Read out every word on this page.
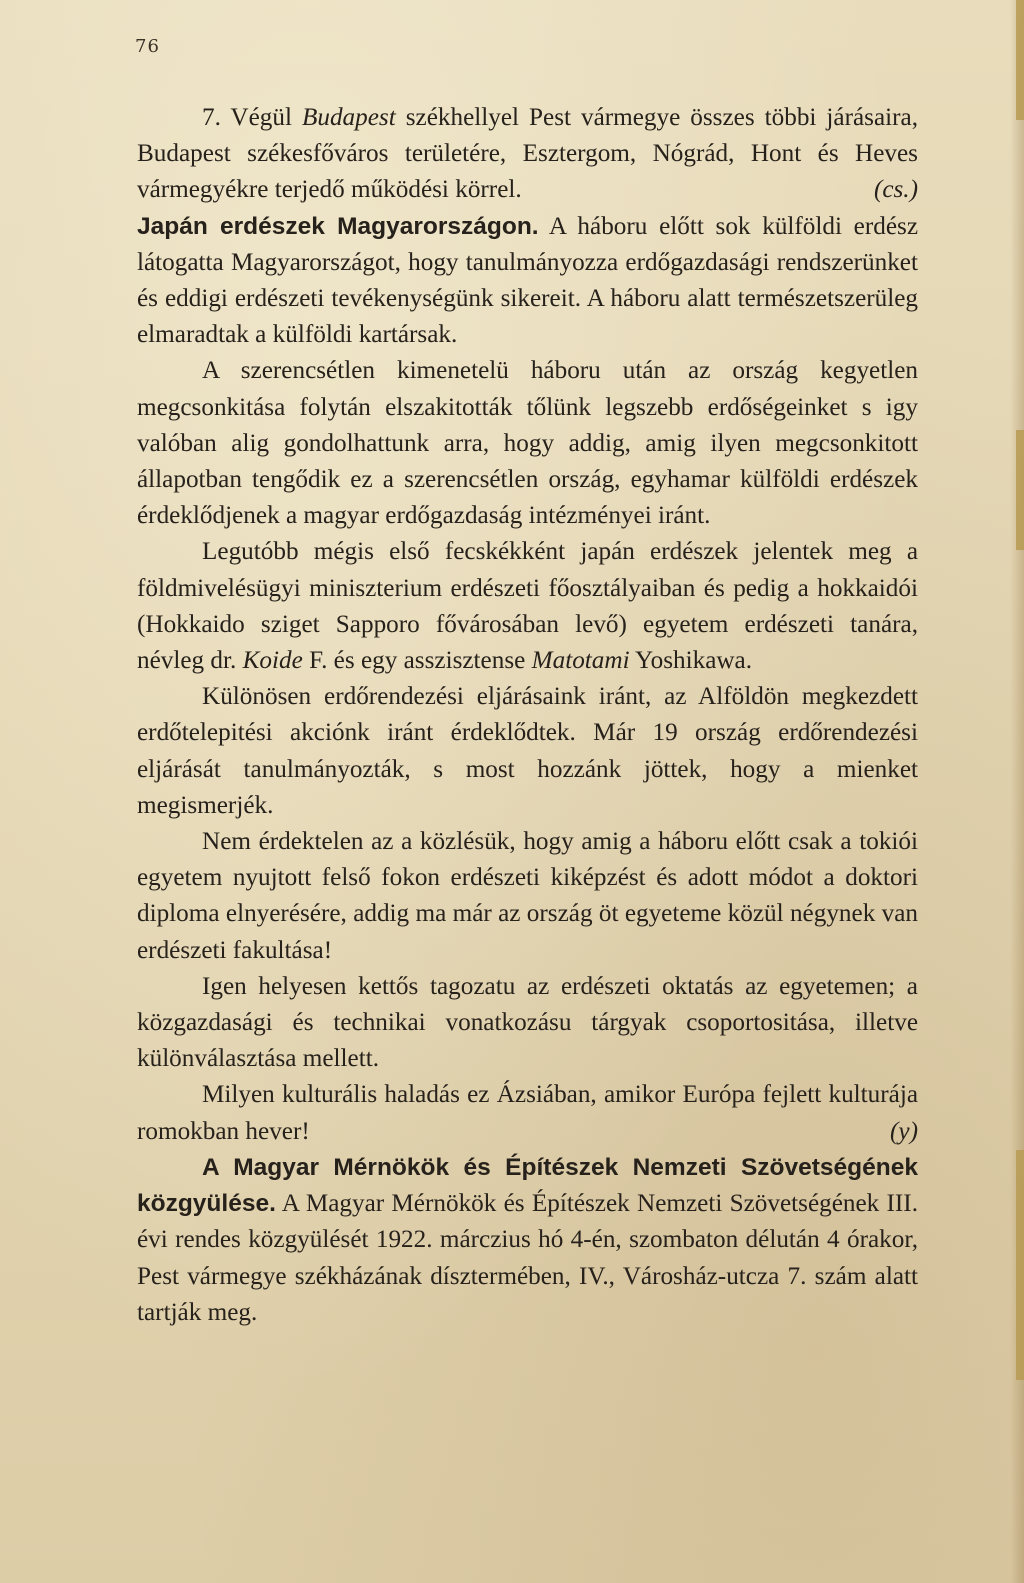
76

7. Végül Budapest székhellyel Pest vármegye összes többi járásaira, Budapest székesfőváros területére, Esztergom, Nógrád, Hont és Heves vármegyékre terjedő működési körrel.	(cs.)

Japán erdészek Magyarországon. A háboru előtt sok külföldi erdész látogatta Magyarországot, hogy tanulmányozza erdőgazdasági rendszerünket és eddigi erdészeti tevékenységünk sikereit. A háboru alatt természetszerüleg elmaradtak a külföldi kartársak.

A szerencsétlen kimenetelü háboru után az ország kegyetlen megcsonkitása folytán elszakitották tőlünk legszebb erdőségeinket s igy valóban alig gondolhattunk arra, hogy addig, amig ilyen megcsonkitott állapotban tengődik ez a szerencsétlen ország, egyhamar külföldi erdészek érdeklődjenek a magyar erdőgazdaság intézményei iránt.

Legutóbb mégis első fecskékként japán erdészek jelentek meg a földmivelésügyi miniszterium erdészeti főosztályaiban és pedig a hokkaidói (Hokkaido sziget Sapporo fővárosában levő) egyetem erdészeti tanára, névleg dr. Koide F. és egy asszisztense Matotami Yoshikawa.

Különösen erdőrendezési eljárásaink iránt, az Alföldön megkezdett erdőtelepitési akciónk iránt érdeklődtek. Már 19 ország erdőrendezési eljárását tanulmányozták, s most hozzánk jöttek, hogy a mienket megismerjék.

Nem érdektelen az a közlésük, hogy amig a háboru előtt csak a tokiói egyetem nyujtott felső fokon erdészeti kiképzést és adott módot a doktori diploma elnyerésére, addig ma már az ország öt egyeteme közül négynek van erdészeti fakultása!

Igen helyesen kettős tagozatu az erdészeti oktatás az egyetemen; a közgazdasági és technikai vonatkozásu tárgyak csoportositása, illetve különválasztása mellett.

Milyen kulturális haladás ez Ázsiában, amikor Európa fejlett kulturája romokban hever!	(y)

A Magyar Mérnökök és Építészek Nemzeti Szövetségének közgyülése. A Magyar Mérnökök és Építészek Nemzeti Szövetségének III. évi rendes közgyülését 1922. márczius hó 4-én, szombaton délután 4 órakor, Pest vármegye székházának dísztermében, IV., Városház-utcza 7. szám alatt tartják meg.
